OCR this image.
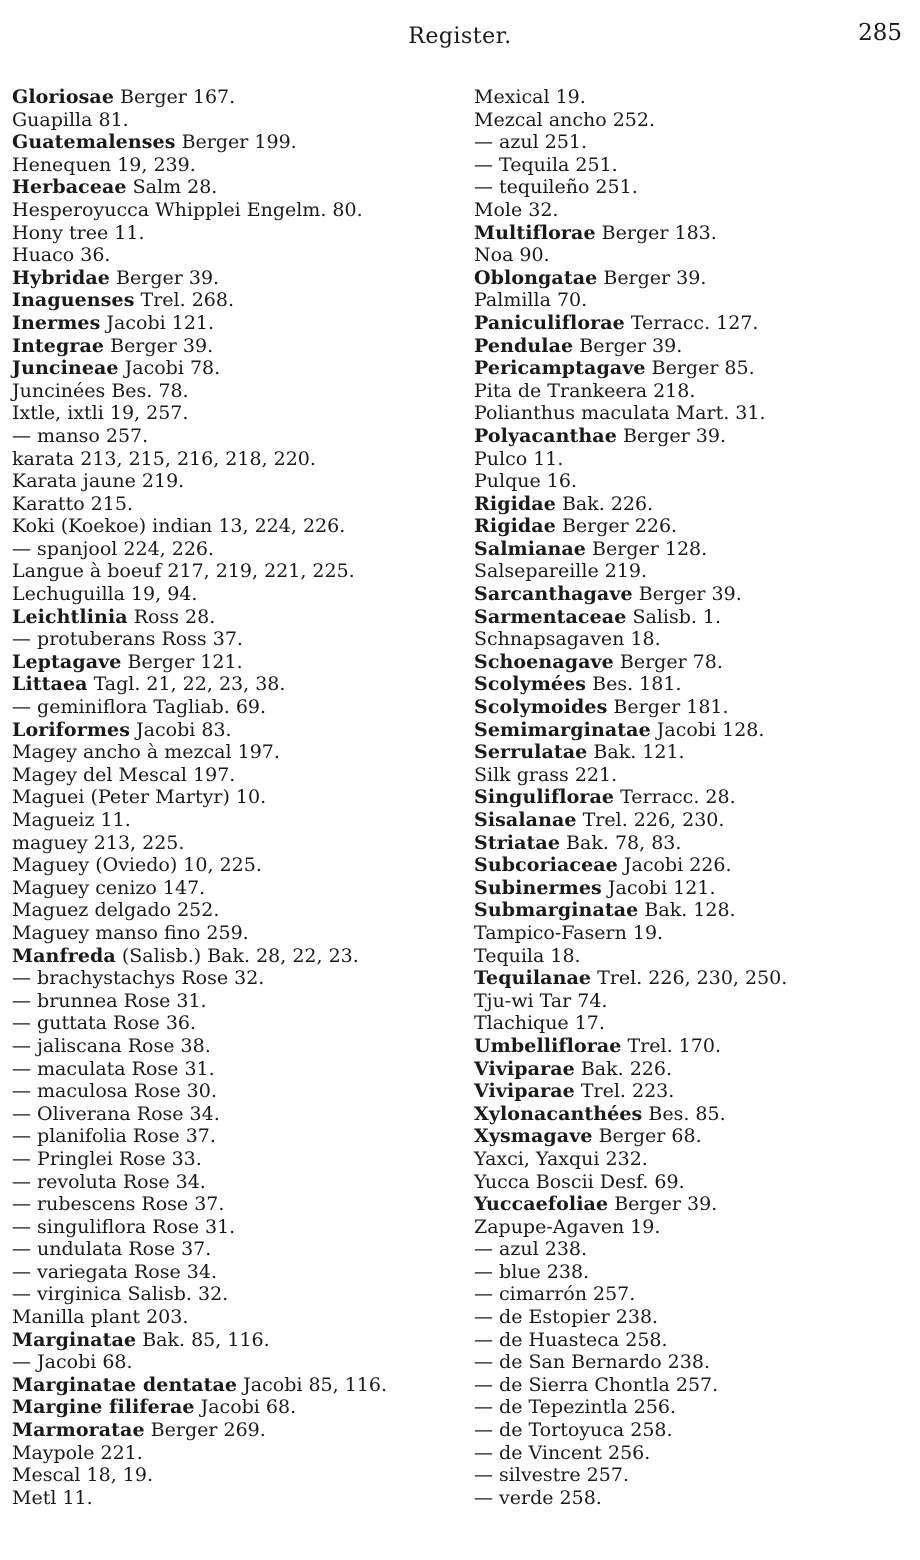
Register.	285
Gloriosae Berger 167.
Guapilla 81.
Guatemalenses Berger 199.
Henequen 19, 239.
Herbaceae Salm 28.
Hesperoyucca Whipplei Engelm. 80.
Hony tree 11.
Huaco 36.
Hybridae Berger 39.
Inaguenses Trel. 268.
Inermes Jacobi 121.
Integrae Berger 39.
Juncineae Jacobi 78.
Juncinées Bes. 78.
Ixtle, ixtli 19, 257.
— manso 257.
karata 213, 215, 216, 218, 220.
Karata jaune 219.
Karatto 215.
Koki (Koekoe) indian 13, 224, 226.
— spanjool 224, 226.
Langue à boeuf 217, 219, 221, 225.
Lechuguilla 19, 94.
Leichtlinia Ross 28.
— protuberans Ross 37.
Leptagave Berger 121.
Littaea Tagl. 21, 22, 23, 38.
— geminiflora Tagliab. 69.
Loriformes Jacobi 83.
Magey ancho à mezcal 197.
Magey del Mescal 197.
Maguei (Peter Martyr) 10.
Magueiz 11.
maguey 213, 225.
Maguey (Oviedo) 10, 225.
Maguey cenizo 147.
Maguez delgado 252.
Maguey manso fino 259.
Manfreda (Salisb.) Bak. 28, 22, 23.
— brachystachys Rose 32.
— brunnea Rose 31.
— guttata Rose 36.
— jaliscana Rose 38.
— maculata Rose 31.
— maculosa Rose 30.
— Oliverana Rose 34.
— planifolia Rose 37.
— Pringlei Rose 33.
— revoluta Rose 34.
— rubescens Rose 37.
— singuliflora Rose 31.
— undulata Rose 37.
— variegata Rose 34.
— virginica Salisb. 32.
Manilla plant 203.
Marginatae Bak. 85, 116.
— Jacobi 68.
Marginatae dentatae Jacobi 85, 116.
Margine filiferae Jacobi 68.
Marmoratae Berger 269.
Maypole 221.
Mescal 18, 19.
Metl 11.
Mexical 19.
Mezcal ancho 252.
— azul 251.
— Tequila 251.
— tequileño 251.
Mole 32.
Multiflorae Berger 183.
Noa 90.
Oblongatae Berger 39.
Palmilla 70.
Paniculiflorae Terracc. 127.
Pendulae Berger 39.
Pericamptagave Berger 85.
Pita de Trankeera 218.
Polianthus maculata Mart. 31.
Polyacanthae Berger 39.
Pulco 11.
Pulque 16.
Rigidae Bak. 226.
Rigidae Berger 226.
Salmianae Berger 128.
Salsepareille 219.
Sarcanthagave Berger 39.
Sarmentaceae Salisb. 1.
Schnapsagaven 18.
Schoenagave Berger 78.
Scolymées Bes. 181.
Scolymoides Berger 181.
Semimarginatae Jacobi 128.
Serrulatae Bak. 121.
Silk grass 221.
Singuliflorae Terracc. 28.
Sisalanae Trel. 226, 230.
Striatae Bak. 78, 83.
Subcoriaceae Jacobi 226.
Subinermes Jacobi 121.
Submarginatae Bak. 128.
Tampico-Fasern 19.
Tequila 18.
Tequilanae Trel. 226, 230, 250.
Tju-wi Tar 74.
Tlachique 17.
Umbelliflorae Trel. 170.
Viviparae Bak. 226.
Viviparae Trel. 223.
Xylonacanthées Bes. 85.
Xysmagave Berger 68.
Yaxci, Yaxqui 232.
Yucca Boscii Desf. 69.
Yuccaefoliae Berger 39.
Zapupe-Agaven 19.
— azul 238.
— blue 238.
— cimarrón 257.
— de Estopier 238.
— de Huasteca 258.
— de San Bernardo 238.
— de Sierra Chontla 257.
— de Tepezintla 256.
— de Tortoyuca 258.
— de Vincent 256.
— silvestre 257.
— verde 258.
